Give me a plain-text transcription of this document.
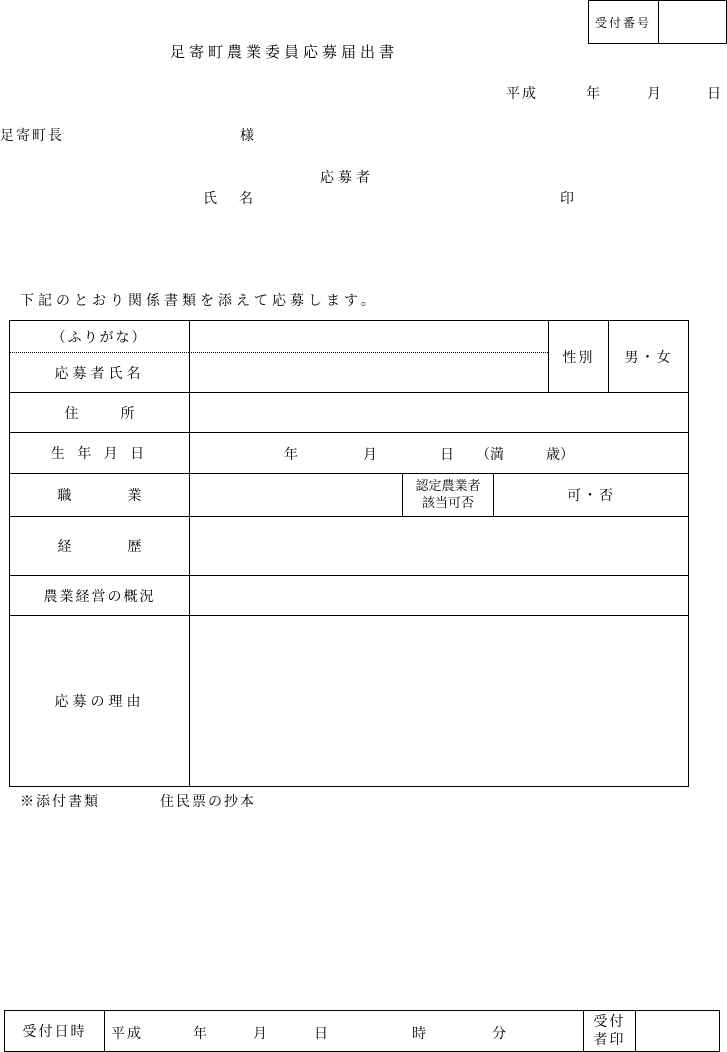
受付番号
足寄町農業委員応募届出書
平成	年	月	日
足寄町長	様
応募者
氏　名	印
下記のとおり関係書類を添えて応募します。
（ふりがな）
応募者氏名
性別	男・女
住　　　所
生 年 月 日	年	月	日 （満　　　歳）
職　　　　業
認定農業者
該当可否	可・否
経　　　　歴
農業経営の概況
応募の理由
※添付書類	住民票の抄本
受付日時	平成	年	月	日	時	分
受付
者印
